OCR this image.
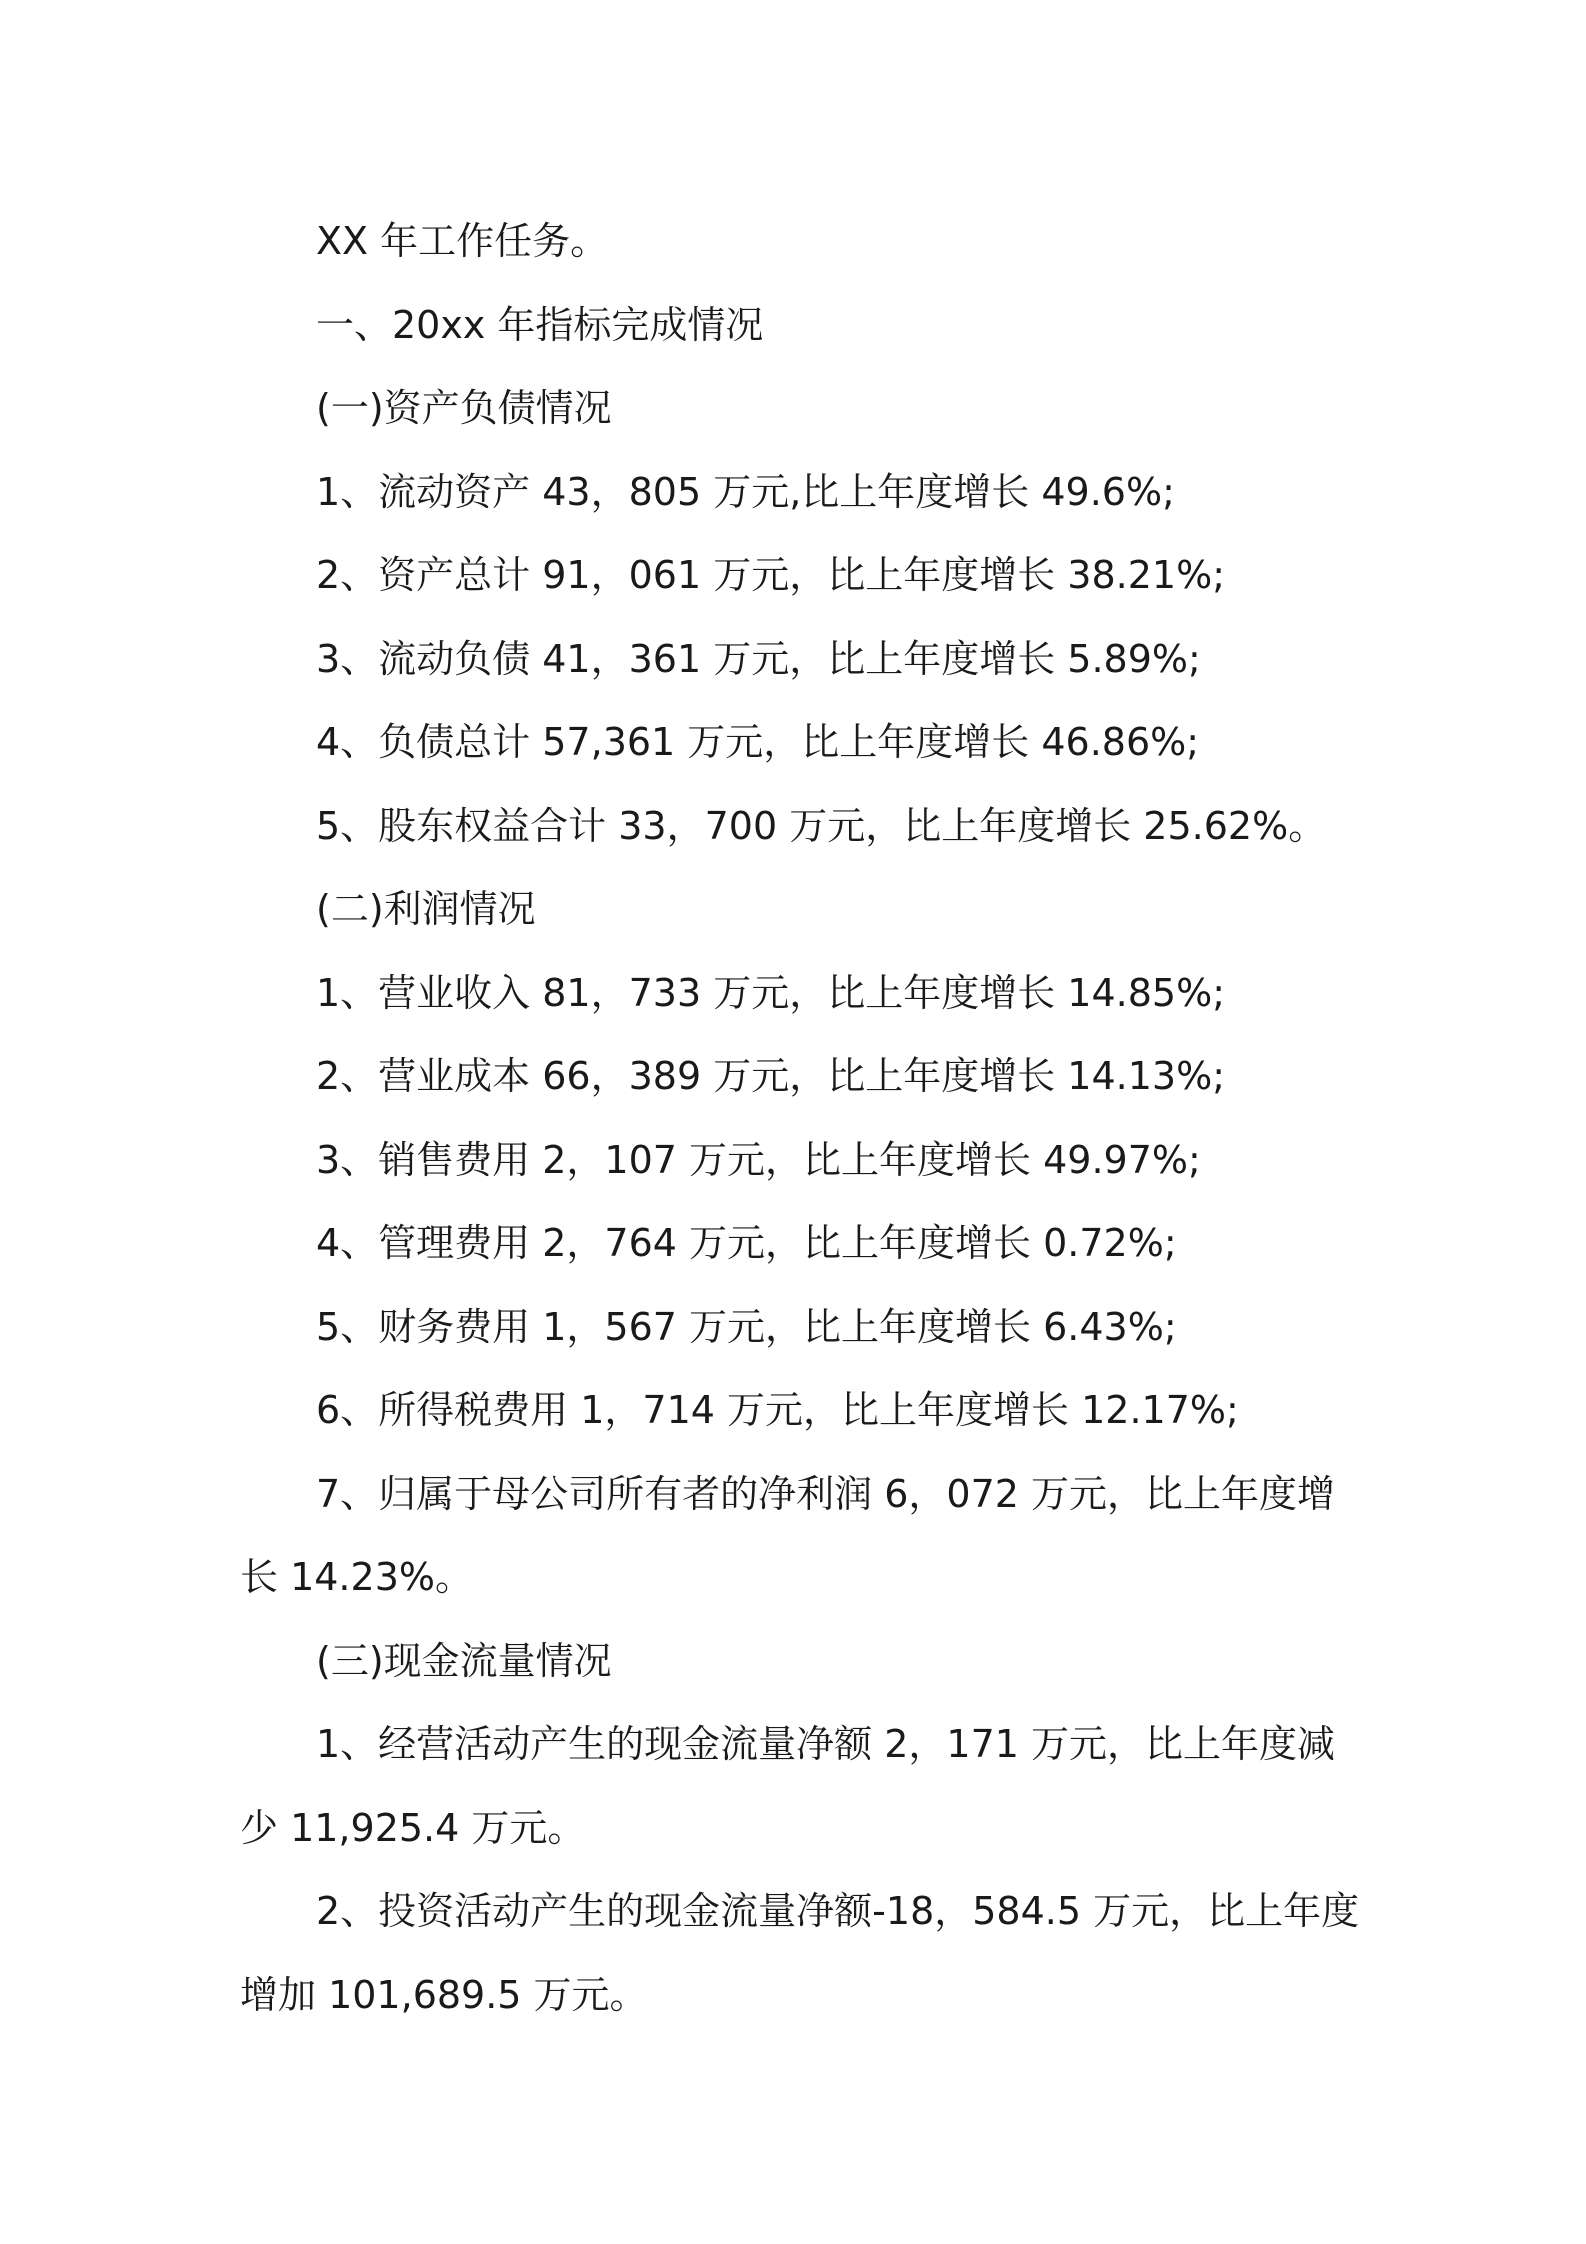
XX 年工作任务。

一、20xx 年指标完成情况

(一)资产负债情况

1、流动资产 43，805 万元,比上年度增长 49.6%;

2、资产总计 91，061 万元，比上年度增长 38.21%;

3、流动负债 41，361 万元，比上年度增长 5.89%;

4、负债总计 57,361 万元，比上年度增长 46.86%;

5、股东权益合计 33，700 万元，比上年度增长 25.62%。

(二)利润情况

1、营业收入 81，733 万元，比上年度增长 14.85%;

2、营业成本 66，389 万元，比上年度增长 14.13%;

3、销售费用 2，107 万元，比上年度增长 49.97%;

4、管理费用 2，764 万元，比上年度增长 0.72%;

5、财务费用 1，567 万元，比上年度增长 6.43%;

6、所得税费用 1，714 万元，比上年度增长 12.17%;

7、归属于母公司所有者的净利润 6，072 万元，比上年度增长 14.23%。

(三)现金流量情况

1、经营活动产生的现金流量净额 2，171 万元，比上年度减少 11,925.4 万元。

2、投资活动产生的现金流量净额-18，584.5 万元，比上年度增加 101,689.5 万元。
